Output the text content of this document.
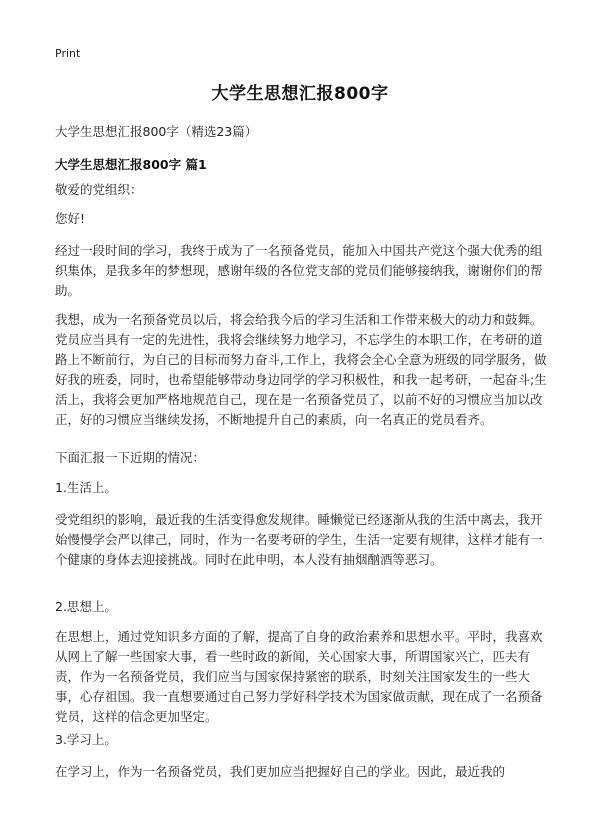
Print
大学生思想汇报800字
大学生思想汇报800字（精选23篇）
大学生思想汇报800字 篇1
敬爱的党组织：
您好!
经过一段时间的学习，我终于成为了一名预备党员，能加入中国共产党这个强大优秀的组织集体，是我多年的梦想现，感谢年级的各位党支部的党员们能够接纳我，谢谢你们的帮助。
我想，成为一名预备党员以后，将会给我今后的学习生活和工作带来极大的动力和鼓舞。党员应当具有一定的先进性，我将会继续努力地学习，不忘学生的本职工作，在考研的道路上不断前行，为自己的目标而努力奋斗,工作上，我将会全心全意为班级的同学服务，做好我的班委，同时，也希望能够带动身边同学的学习积极性，和我一起考研，一起奋斗;生活上，我将会更加严格地规范自己，现在是一名预备党员了，以前不好的习惯应当加以改正，好的习惯应当继续发扬，不断地提升自己的素质，向一名真正的党员看齐。
下面汇报一下近期的情况：
1.生活上。
受党组织的影响，最近我的生活变得愈发规律。睡懒觉已经逐渐从我的生活中离去，我开始慢慢学会严以律己，同时，作为一名要考研的学生，生活一定要有规律，这样才能有一个健康的身体去迎接挑战。同时在此申明，本人没有抽烟酗酒等恶习。
2.思想上。
在思想上，通过党知识多方面的了解，提高了自身的政治素养和思想水平。平时，我喜欢从网上了解一些国家大事，看一些时政的新闻，关心国家大事，所谓国家兴亡，匹夫有责，作为一名预备党员，我们应当与国家保持紧密的联系，时刻关注国家发生的一些大事，心存祖国。我一直想要通过自己努力学好科学技术为国家做贡献，现在成了一名预备党员，这样的信念更加坚定。
3.学习上。
在学习上，作为一名预备党员，我们更加应当把握好自己的学业。因此，最近我的
